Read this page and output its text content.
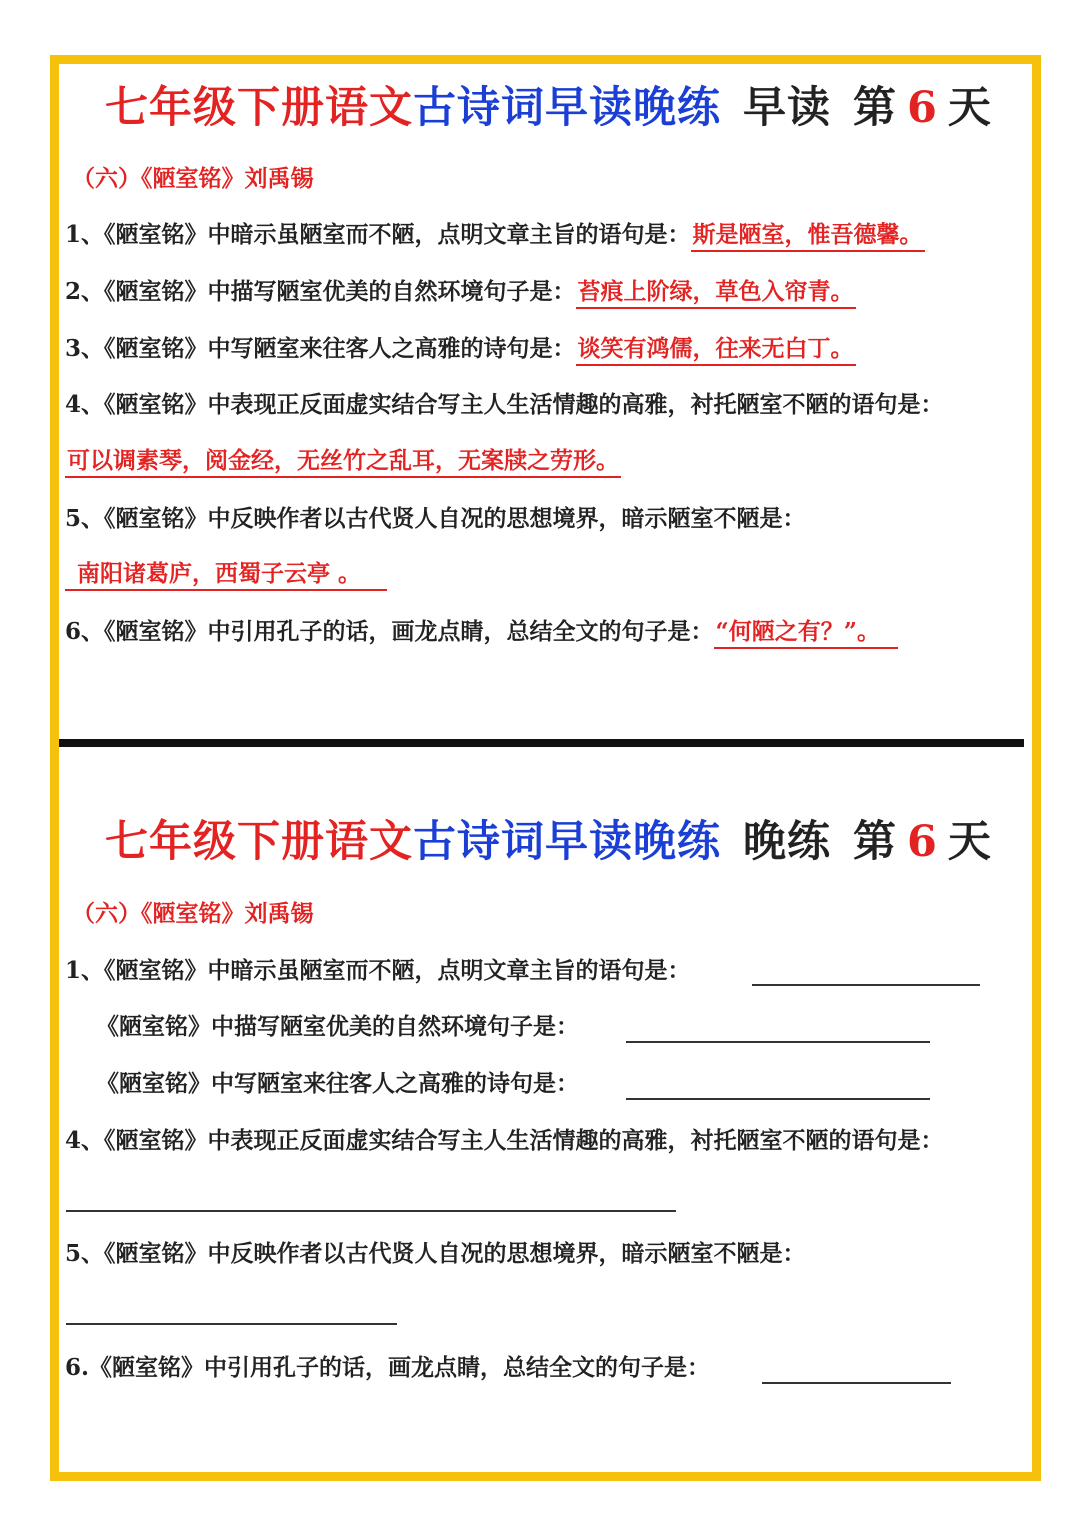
七年级下册语文古诗词早读晚练 早读 第 6 天
（六）《陋室铭》刘禹锡
1、《陋室铭》中暗示虽陋室而不陋，点明文章主旨的语句是：斯是陋室，惟吾德馨。
2、《陋室铭》中描写陋室优美的自然环境句子是：苔痕上阶绿，草色入帘青。
3、《陋室铭》中写陋室来往客人之高雅的诗句是：谈笑有鸿儒，往来无白丁。
4、《陋室铭》中表现正反面虚实结合写主人生活情趣的高雅，衬托陋室不陋的语句是：
可以调素琴，阅金经，无丝竹之乱耳，无案牍之劳形。
5、《陋室铭》中反映作者以古代贤人自况的思想境界，暗示陋室不陋是：
南阳诸葛庐，西蜀子云亭 。
6、《陋室铭》中引用孔子的话，画龙点睛，总结全文的句子是：“何陋之有？”。
七年级下册语文古诗词早读晚练 晚练 第 6 天
（六）《陋室铭》刘禹锡
1、《陋室铭》中暗示虽陋室而不陋，点明文章主旨的语句是：
《陋室铭》中描写陋室优美的自然环境句子是：
《陋室铭》中写陋室来往客人之高雅的诗句是：
4、《陋室铭》中表现正反面虚实结合写主人生活情趣的高雅，衬托陋室不陋的语句是：
5、《陋室铭》中反映作者以古代贤人自况的思想境界，暗示陋室不陋是：
6.《陋室铭》中引用孔子的话，画龙点睛，总结全文的句子是：
